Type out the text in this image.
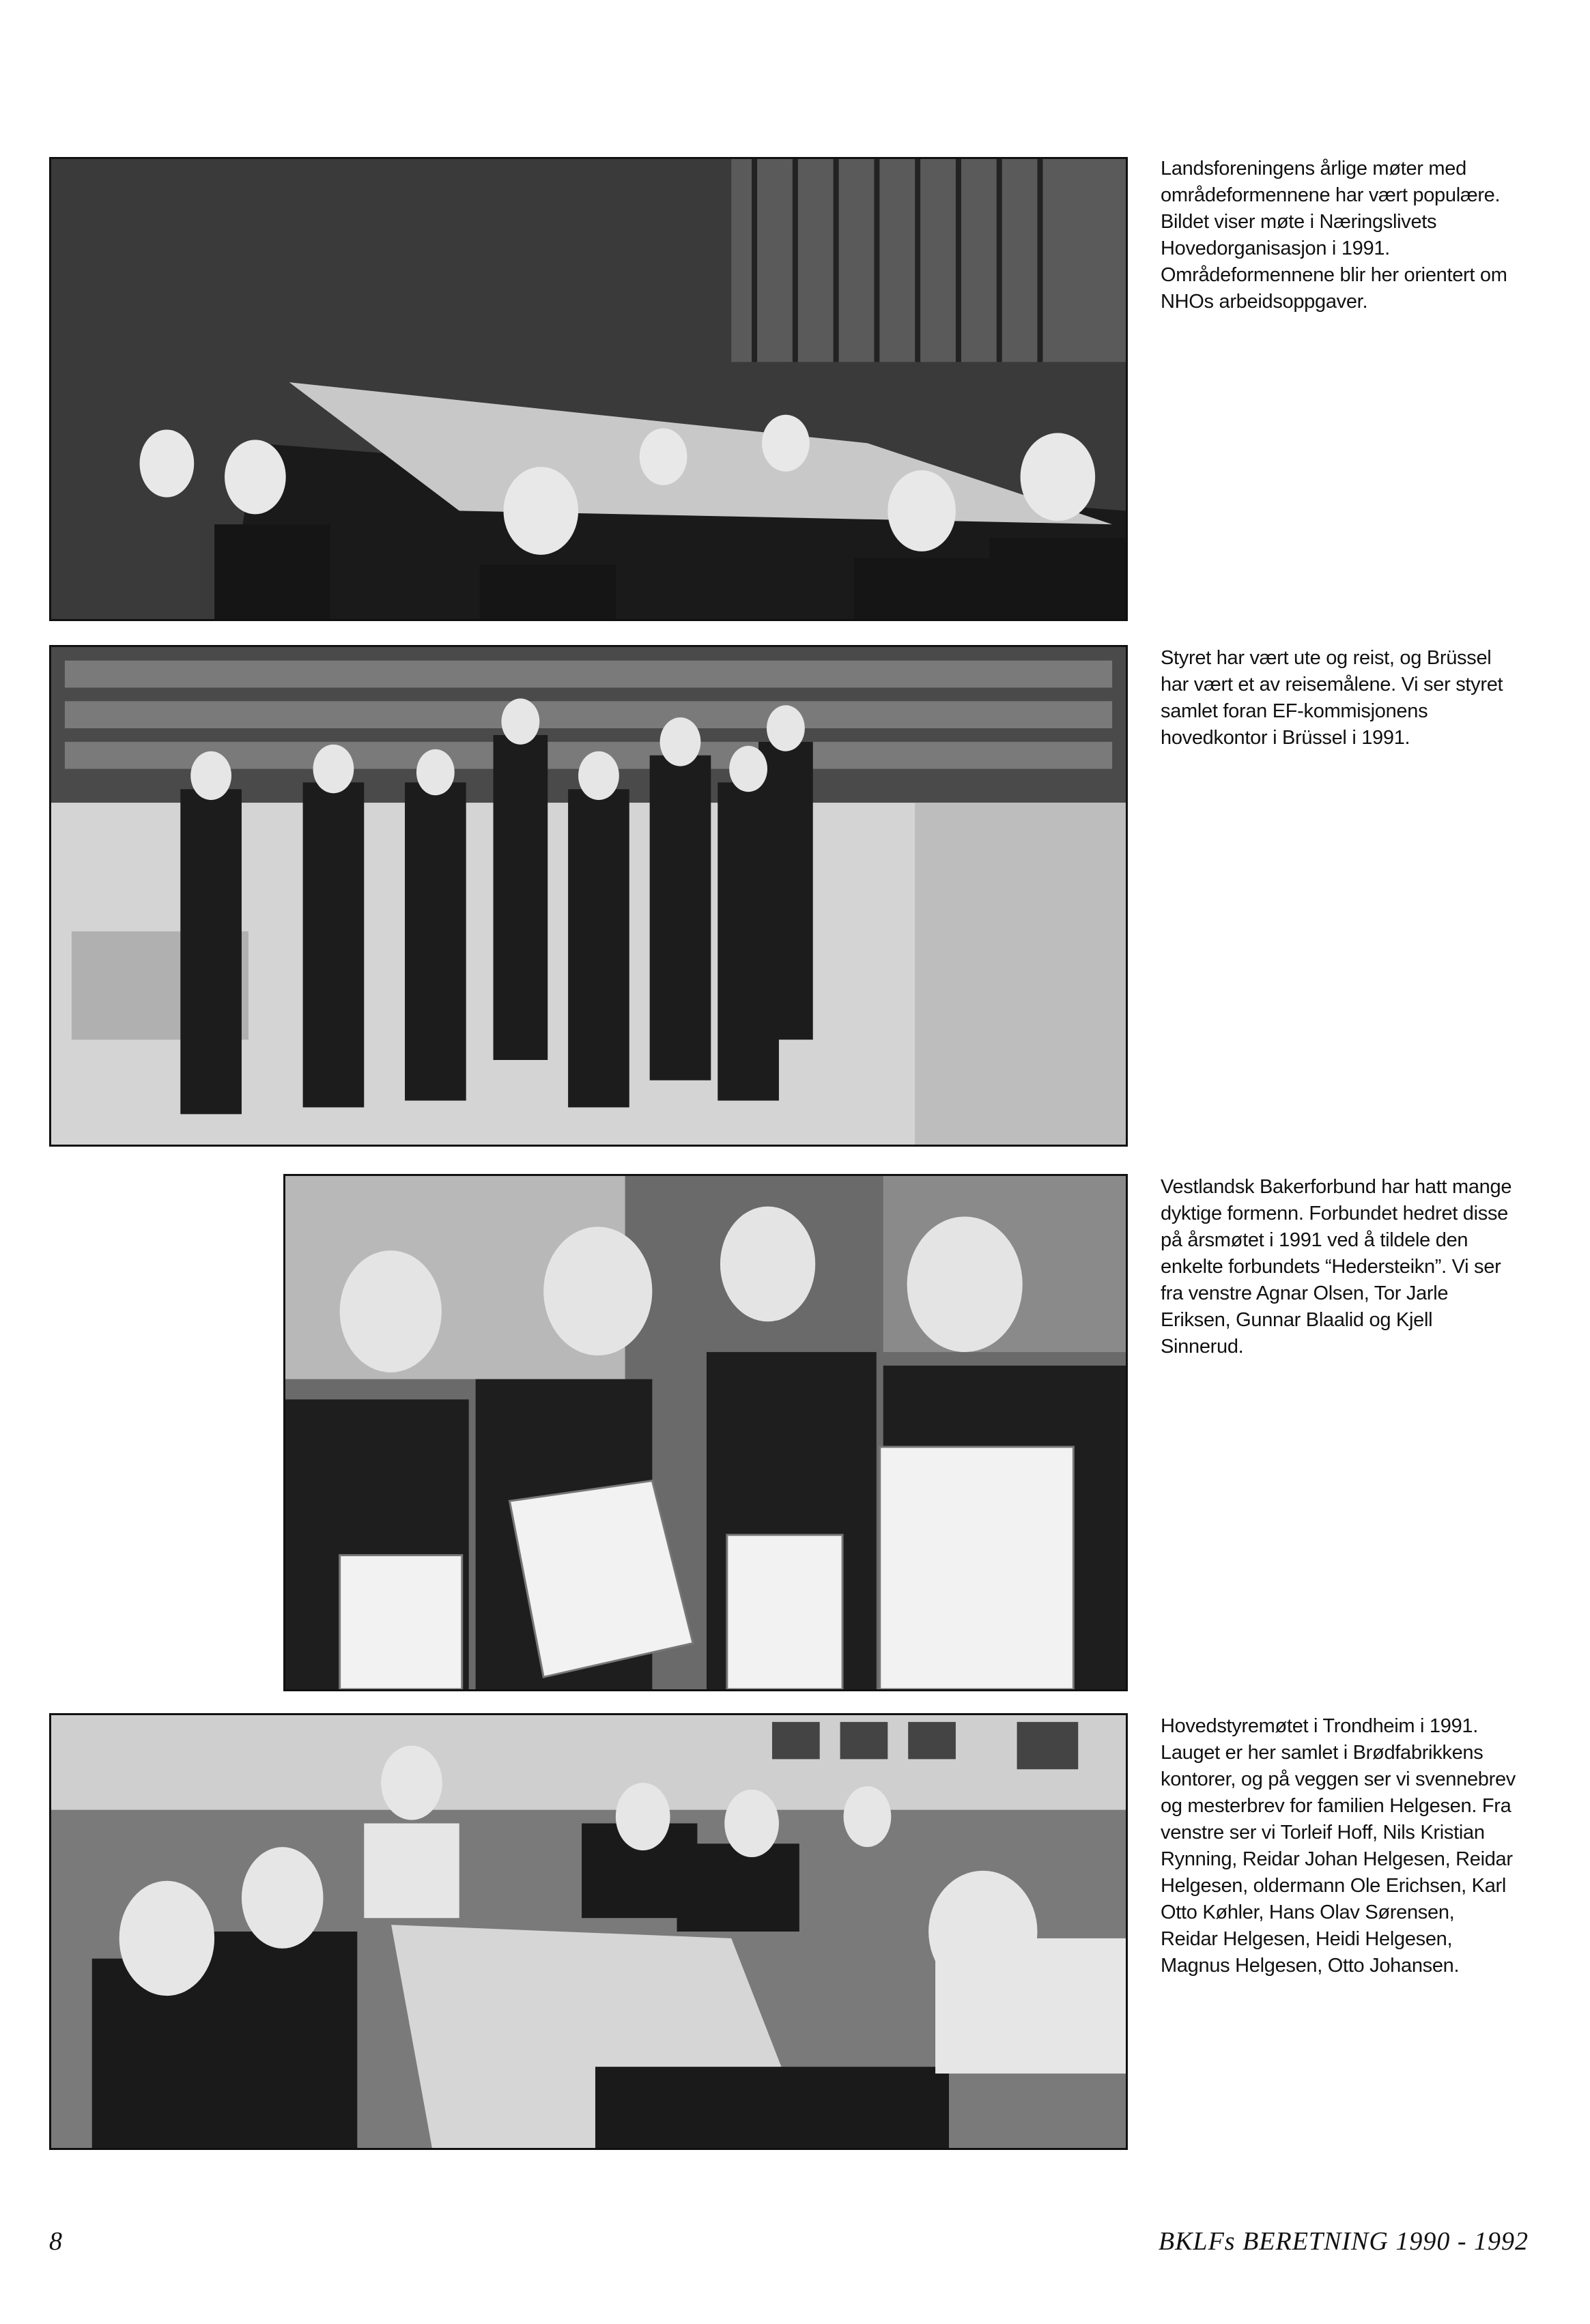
Landsforeningens årlige møter med områdeformennene har vært populære. Bildet viser møte i Næringslivets Hovedorganisasjon i 1991. Områdeformennene blir her orientert om NHOs arbeidsoppgaver.
Styret har vært ute og reist, og Brüssel har vært et av reisemålene. Vi ser styret samlet foran EF-kommisjonens hovedkontor i Brüssel i 1991.
Vestlandsk Bakerforbund har hatt mange dyktige formenn. Forbundet hedret disse på årsmøtet i 1991 ved å tildele den enkelte forbundets “Hedersteikn”. Vi ser fra venstre Agnar Olsen, Tor Jarle Eriksen, Gunnar Blaalid og Kjell Sinnerud.
Hovedstyremøtet i Trondheim i 1991. Lauget er her samlet i Brødfabrikkens kontorer, og på veggen ser vi svennebrev og mesterbrev for familien Helgesen. Fra venstre ser vi Torleif Hoff, Nils Kristian Rynning, Reidar Johan Helgesen, Reidar Helgesen, oldermann Ole Erichsen, Karl Otto Køhler, Hans Olav Sørensen, Reidar Helgesen, Heidi Helgesen, Magnus Helgesen, Otto Johansen.
8	BKLFs BERETNING 1990 - 1992
